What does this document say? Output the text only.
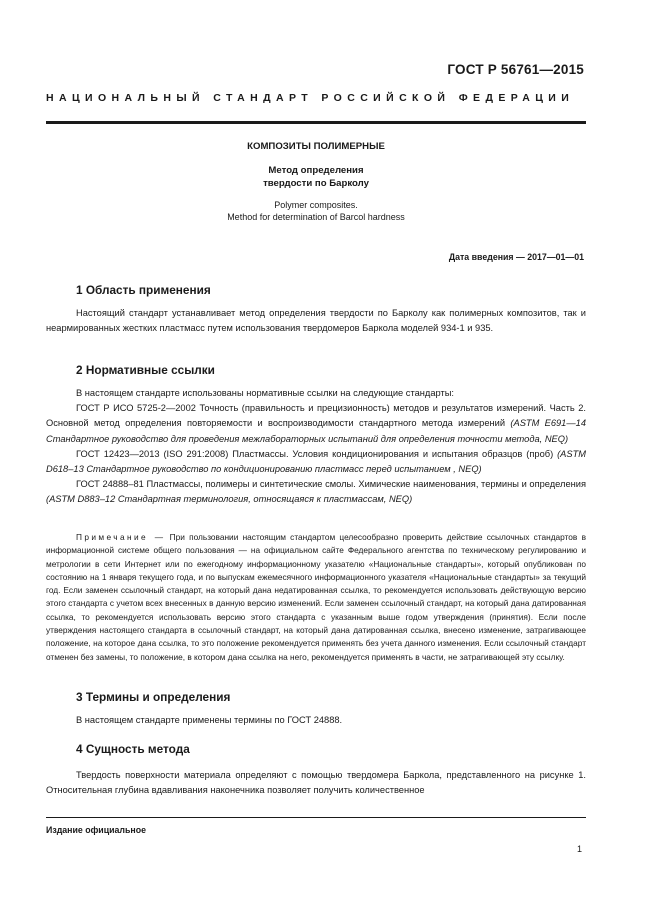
ГОСТ Р 56761—2015
НАЦИОНАЛЬНЫЙ СТАНДАРТ РОССИЙСКОЙ ФЕДЕРАЦИИ
КОМПОЗИТЫ ПОЛИМЕРНЫЕ
Метод определения
твердости по Барколу
Polymer composites.
Method for determination of Barcol hardness
Дата введения — 2017—01—01
1 Область применения

Настоящий стандарт устанавливает метод определения твердости по Барколу как полимерных композитов, так и неармированных жестких пластмасс путем использования твердомеров Баркола моделей 934-1 и 935.

2 Нормативные ссылки

В настоящем стандарте использованы нормативные ссылки на следующие стандарты:

ГОСТ Р ИСО 5725-2—2002 Точность (правильность и прецизионность) методов и результатов измерений. Часть 2. Основной метод определения повторяемости и воспроизводимости стандартного метода измерений (ASTM E691—14 Стандартное руководство для проведения межлабораторных испытаний для определения точности метода, NEQ)

ГОСТ 12423—2013 (ISO 291:2008) Пластмассы. Условия кондиционирования и испытания образцов (проб) (ASTM D618–13 Стандартное руководство по кондиционированию пластмасс перед испытанием , NEQ)

ГОСТ 24888–81 Пластмассы, полимеры и синтетические смолы. Химические наименования, термины и определения (ASTM D883–12 Стандартная терминология, относящаяся к пластмассам, NEQ)

Примечание — При пользовании настоящим стандартом целесообразно проверить действие ссылочных стандартов в информационной системе общего пользования — на официальном сайте Федерального агентства по техническому регулированию и метрологии в сети Интернет или по ежегодному информационному указателю «Национальные стандарты», который опубликован по состоянию на 1 января текущего года, и по выпускам ежемесячного информационного указателя «Национальные стандарты» за текущий год. Если заменен ссылочный стандарт, на который дана недатированная ссылка, то рекомендуется использовать действующую версию этого стандарта с учетом всех внесенных в данную версию изменений. Если заменен ссылочный стандарт, на который дана датированная ссылка, то рекомендуется использовать версию этого стандарта с указанным выше годом утверждения (принятия). Если после утверждения настоящего стандарта в ссылочный стандарт, на который дана датированная ссылка, внесено изменение, затрагивающее положение, на которое дана ссылка, то это положение рекомендуется применять без учета данного изменения. Если ссылочный стандарт отменен без замены, то положение, в котором дана ссылка на него, рекомендуется применять в части, не затрагивающей эту ссылку.
3 Термины и определения

В настоящем стандарте применены термины по ГОСТ 24888.

4 Сущность метода

Твердость поверхности материала определяют с помощью твердомера Баркола, представленного на рисунке 1. Относительная глубина вдавливания наконечника позволяет получить количественное

Издание официальное
1
